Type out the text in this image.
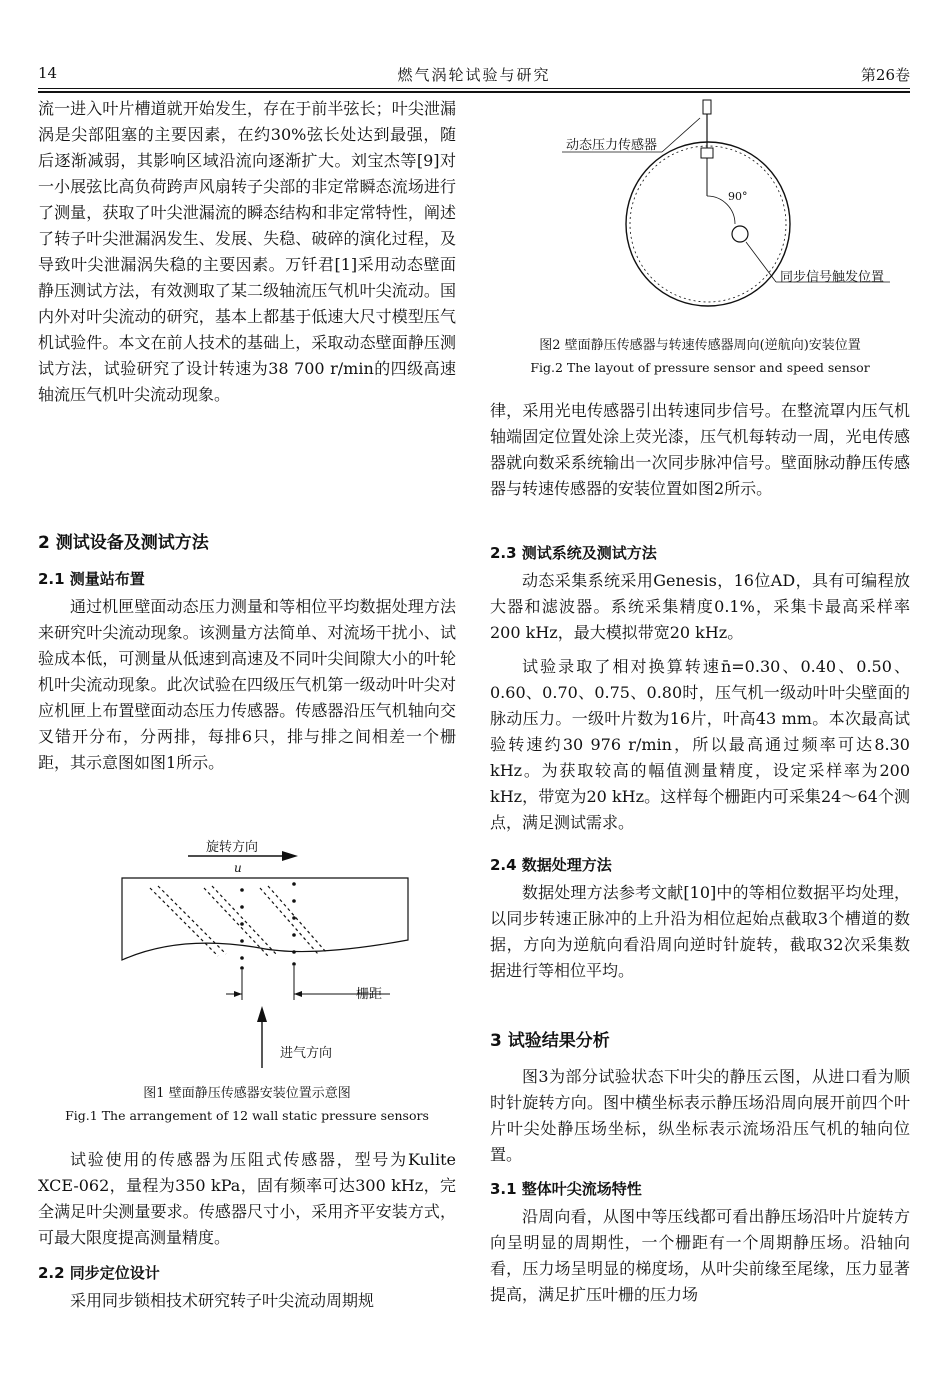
14	燃气涡轮试验与研究	第26卷

流一进入叶片槽道就开始发生，存在于前半弦长；叶尖泄漏涡是尖部阻塞的主要因素，在约30%弦长处达到最强，随后逐渐减弱，其影响区域沿流向逐渐扩大。刘宝杰等[9]对一小展弦比高负荷跨声风扇转子尖部的非定常瞬态流场进行了测量，获取了叶尖泄漏流的瞬态结构和非定常特性，阐述了转子叶尖泄漏涡发生、发展、失稳、破碎的演化过程，及导致叶尖泄漏涡失稳的主要因素。万钎君[1]采用动态壁面静压测试方法，有效测取了某二级轴流压气机叶尖流动。国内外对叶尖流动的研究，基本上都基于低速大尺寸模型压气机试验件。本文在前人技术的基础上，采取动态壁面静压测试方法，试验研究了设计转速为38 700 r/min的四级高速轴流压气机叶尖流动现象。

2 测试设备及测试方法
2.1 测量站布置

通过机匣壁面动态压力测量和等相位平均数据处理方法来研究叶尖流动现象。该测量方法简单、对流场干扰小、试验成本低，可测量从低速到高速及不同叶尖间隙大小的叶轮机叶尖流动现象。此次试验在四级压气机第一级动叶叶尖对应机匣上布置壁面动态压力传感器。传感器沿压气机轴向交叉错开分布，分两排，每排6只，排与排之间相差一个栅距，其示意图如图1所示。

旋转方向
u
栅距
进气方向
图1 壁面静压传感器安装位置示意图
Fig.1 The arrangement of 12 wall static pressure sensors

试验使用的传感器为压阻式传感器，型号为Kulite XCE-062，量程为350 kPa，固有频率可达300 kHz，完全满足叶尖测量要求。传感器尺寸小，采用齐平安装方式，可最大限度提高测量精度。

2.2 同步定位设计

采用同步锁相技术研究转子叶尖流动周期规

动态压力传感器
90°
同步信号触发位置
图2 壁面静压传感器与转速传感器周向(逆航向)安装位置
Fig.2 The layout of pressure sensor and speed sensor

律，采用光电传感器引出转速同步信号。在整流罩内压气机轴端固定位置处涂上荧光漆，压气机每转动一周，光电传感器就向数采系统输出一次同步脉冲信号。壁面脉动静压传感器与转速传感器的安装位置如图2所示。

2.3 测试系统及测试方法

动态采集系统采用Genesis，16位AD，具有可编程放大器和滤波器。系统采集精度0.1%，采集卡最高采样率200 kHz，最大模拟带宽20 kHz。

试验录取了相对换算转速n̄=0.30、0.40、0.50、0.60、0.70、0.75、0.80时，压气机一级动叶叶尖壁面的脉动压力。一级叶片数为16片，叶高43 mm。本次最高试验转速约30 976 r/min，所以最高通过频率可达8.30 kHz。为获取较高的幅值测量精度，设定采样率为200 kHz，带宽为20 kHz。这样每个栅距内可采集24～64个测点，满足测试需求。

2.4 数据处理方法

数据处理方法参考文献[10]中的等相位数据平均处理，以同步转速正脉冲的上升沿为相位起始点截取3个槽道的数据，方向为逆航向看沿周向逆时针旋转，截取32次采集数据进行等相位平均。

3 试验结果分析

图3为部分试验状态下叶尖的静压云图，从进口看为顺时针旋转方向。图中横坐标表示静压场沿周向展开前四个叶片叶尖处静压场坐标，纵坐标表示流场沿压气机的轴向位置。

3.1 整体叶尖流场特性

沿周向看，从图中等压线都可看出静压场沿叶片旋转方向呈明显的周期性，一个栅距有一个周期静压场。沿轴向看，压力场呈明显的梯度场，从叶尖前缘至尾缘，压力显著提高，满足扩压叶栅的压力场
